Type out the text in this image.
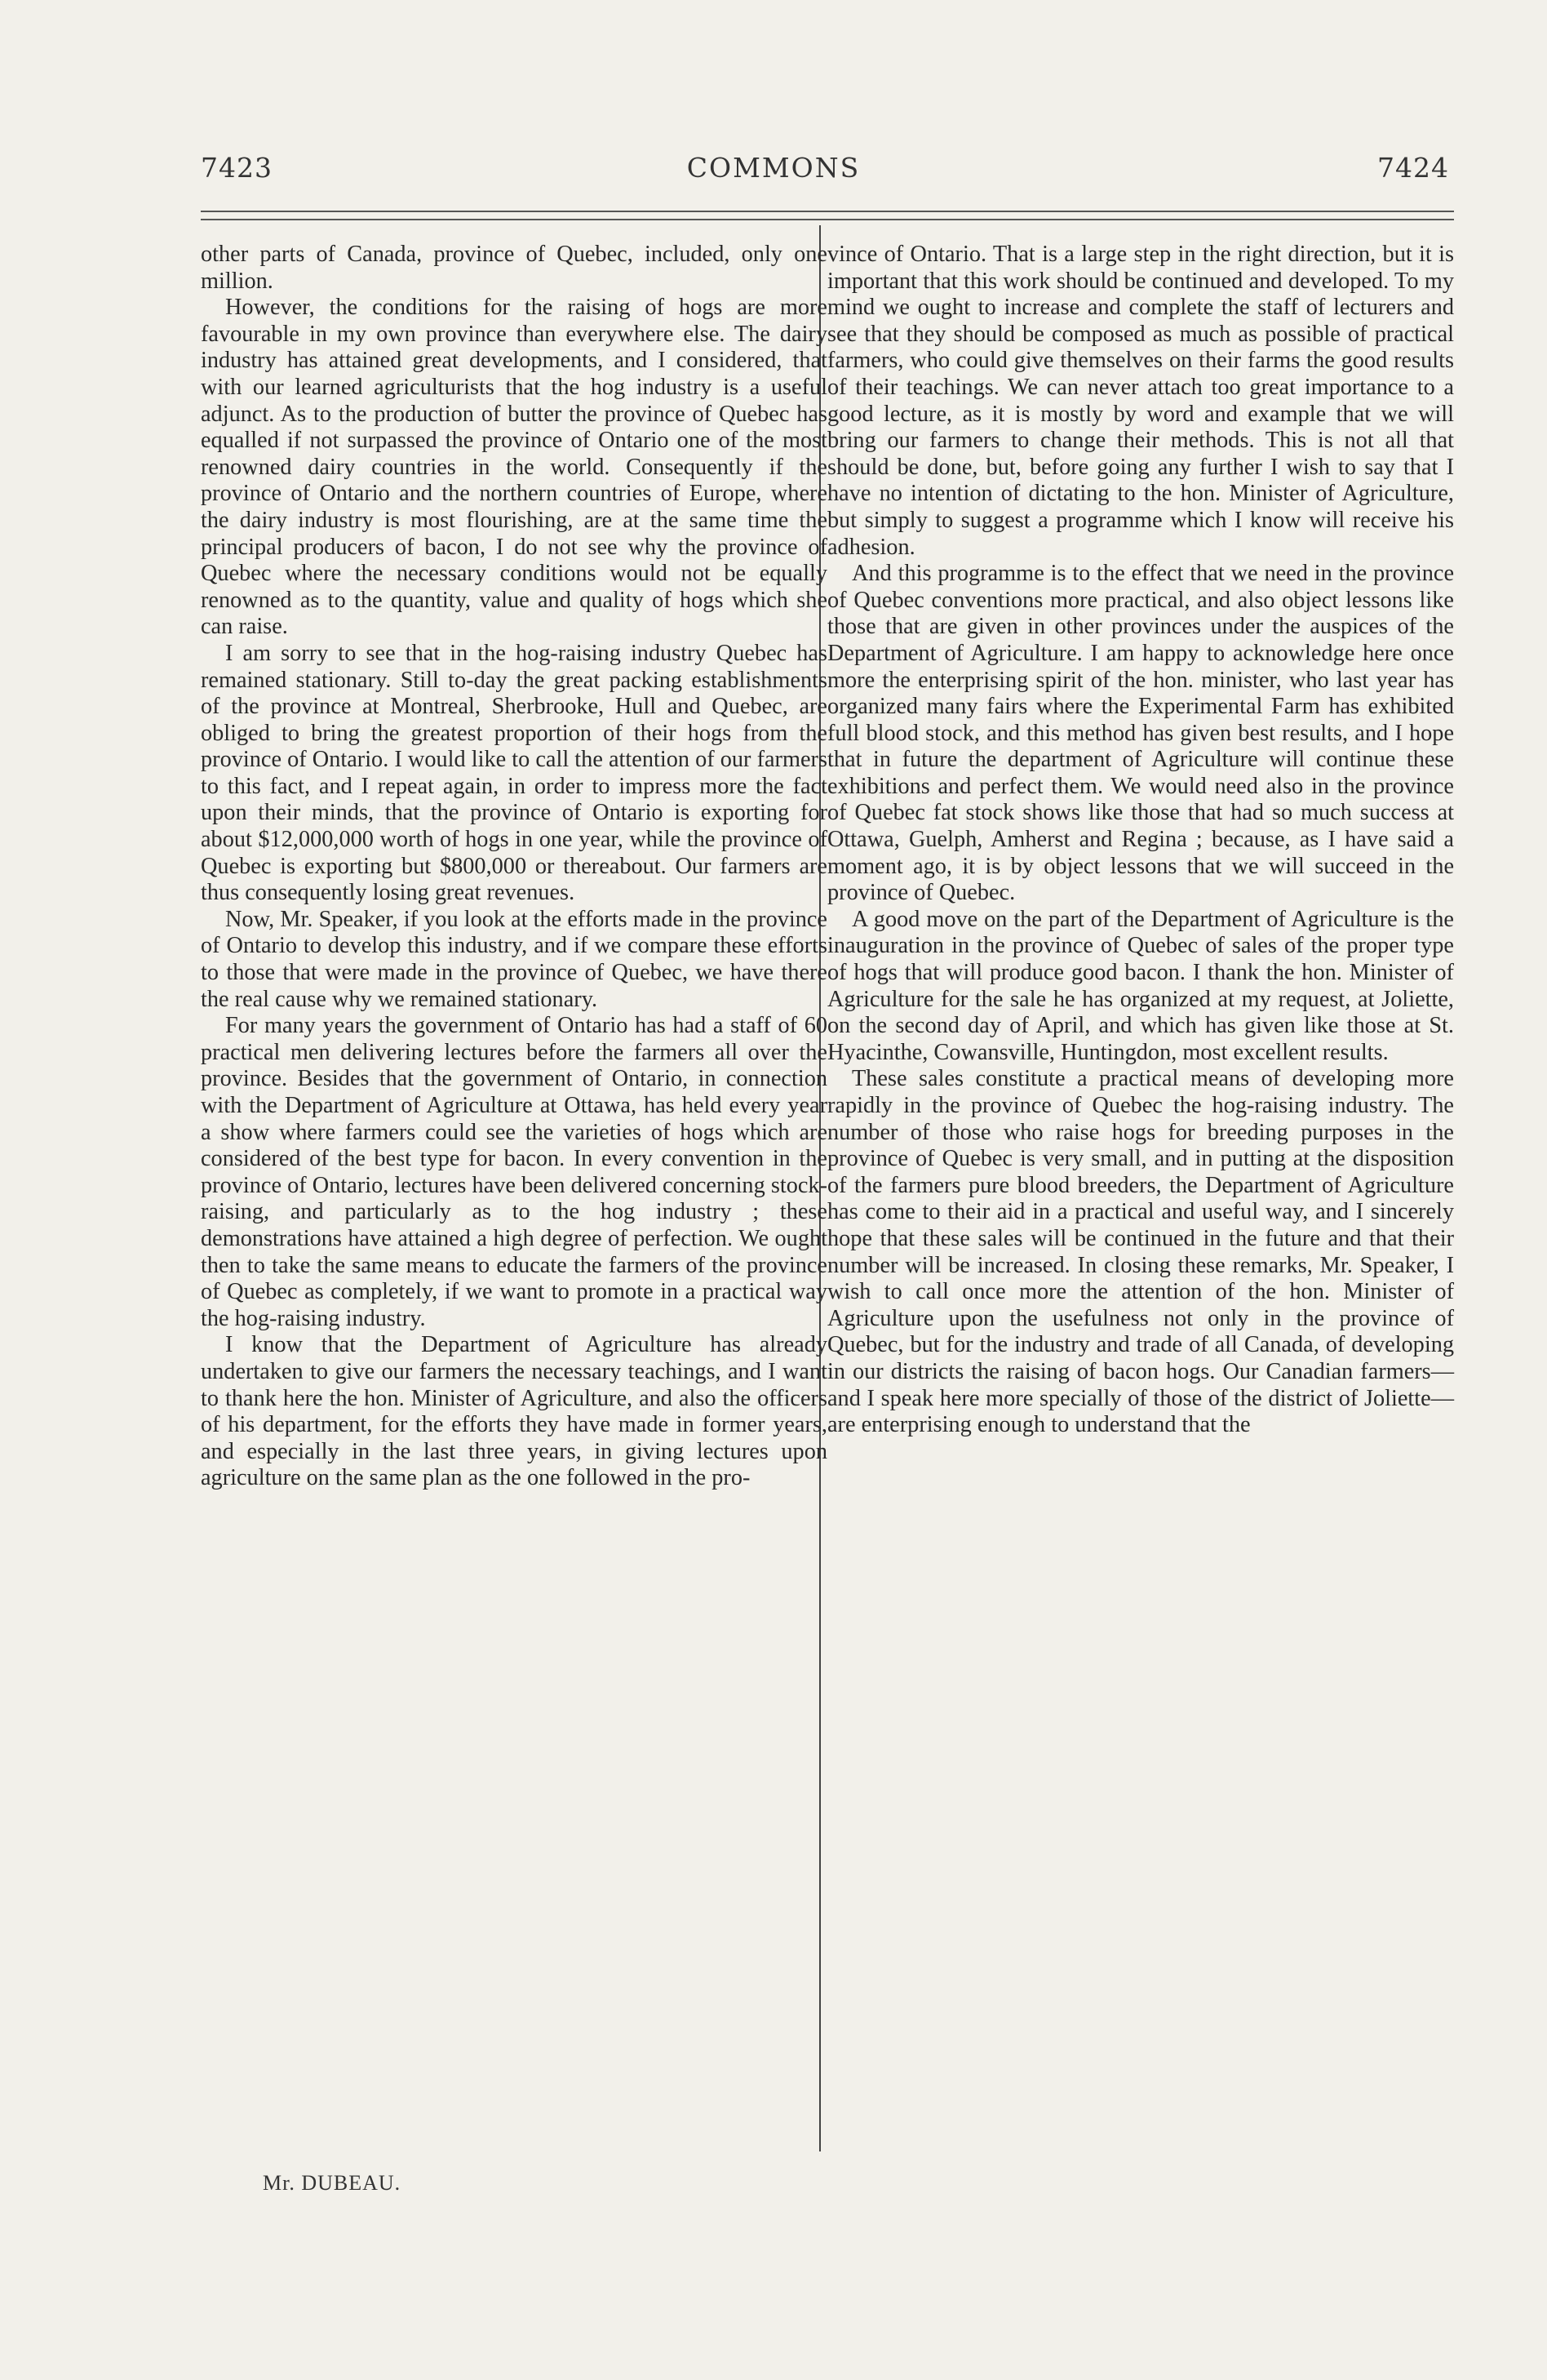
7423	COMMONS	7424

other parts of Canada, province of Quebec, included, only one million.

However, the conditions for the raising of hogs are more favourable in my own province than everywhere else. The dairy industry has attained great developments, and I considered, that with our learned agriculturists that the hog industry is a useful adjunct. As to the production of butter the province of Quebec has equalled if not surpassed the province of Ontario one of the most renowned dairy countries in the world. Consequently if the province of Ontario and the northern countries of Europe, where the dairy industry is most flourishing, are at the same time the principal producers of bacon, I do not see why the province of Quebec where the necessary conditions would not be equally renowned as to the quantity, value and quality of hogs which she can raise.

I am sorry to see that in the hog-raising industry Quebec has remained stationary. Still to-day the great packing establishments of the province at Montreal, Sherbrooke, Hull and Quebec, are obliged to bring the greatest proportion of their hogs from the province of Ontario. I would like to call the attention of our farmers to this fact, and I repeat again, in order to impress more the fact upon their minds, that the province of Ontario is exporting for about $12,000,000 worth of hogs in one year, while the province of Quebec is exporting but $800,000 or thereabout. Our farmers are thus consequently losing great revenues.

Now, Mr. Speaker, if you look at the efforts made in the province of Ontario to develop this industry, and if we compare these efforts to those that were made in the province of Quebec, we have there the real cause why we remained stationary.

For many years the government of Ontario has had a staff of 60 practical men delivering lectures before the farmers all over the province. Besides that the government of Ontario, in connection with the Department of Agriculture at Ottawa, has held every year a show where farmers could see the varieties of hogs which are considered of the best type for bacon. In every convention in the province of Ontario, lectures have been delivered concerning stock-raising, and particularly as to the hog industry ; these demonstrations have attained a high degree of perfection. We ought then to take the same means to educate the farmers of the province of Quebec as completely, if we want to promote in a practical way the hog-raising industry.

I know that the Department of Agriculture has already undertaken to give our farmers the necessary teachings, and I want to thank here the hon. Minister of Agriculture, and also the officers of his department, for the efforts they have made in former years, and especially in the last three years, in giving lectures upon agriculture on the same plan as the one followed in the pro-

vince of Ontario. That is a large step in the right direction, but it is important that this work should be continued and developed. To my mind we ought to increase and complete the staff of lecturers and see that they should be composed as much as possible of practical farmers, who could give themselves on their farms the good results of their teachings. We can never attach too great importance to a good lecture, as it is mostly by word and example that we will bring our farmers to change their methods. This is not all that should be done, but, before going any further I wish to say that I have no intention of dictating to the hon. Minister of Agriculture, but simply to suggest a programme which I know will receive his adhesion.

And this programme is to the effect that we need in the province of Quebec conventions more practical, and also object lessons like those that are given in other provinces under the auspices of the Department of Agriculture. I am happy to acknowledge here once more the enterprising spirit of the hon. minister, who last year has organized many fairs where the Experimental Farm has exhibited full blood stock, and this method has given best results, and I hope that in future the department of Agriculture will continue these exhibitions and perfect them. We would need also in the province of Quebec fat stock shows like those that had so much success at Ottawa, Guelph, Amherst and Regina ; because, as I have said a moment ago, it is by object lessons that we will succeed in the province of Quebec.

A good move on the part of the Department of Agriculture is the inauguration in the province of Quebec of sales of the proper type of hogs that will produce good bacon. I thank the hon. Minister of Agriculture for the sale he has organized at my request, at Joliette, on the second day of April, and which has given like those at St. Hyacinthe, Cowansville, Huntingdon, most excellent results.

These sales constitute a practical means of developing more rapidly in the province of Quebec the hog-raising industry. The number of those who raise hogs for breeding purposes in the province of Quebec is very small, and in putting at the disposition of the farmers pure blood breeders, the Department of Agriculture has come to their aid in a practical and useful way, and I sincerely hope that these sales will be continued in the future and that their number will be increased. In closing these remarks, Mr. Speaker, I wish to call once more the attention of the hon. Minister of Agriculture upon the usefulness not only in the province of Quebec, but for the industry and trade of all Canada, of developing in our districts the raising of bacon hogs. Our Canadian farmers—and I speak here more specially of those of the district of Joliette—are enterprising enough to understand that the

Mr. DUBEAU.
